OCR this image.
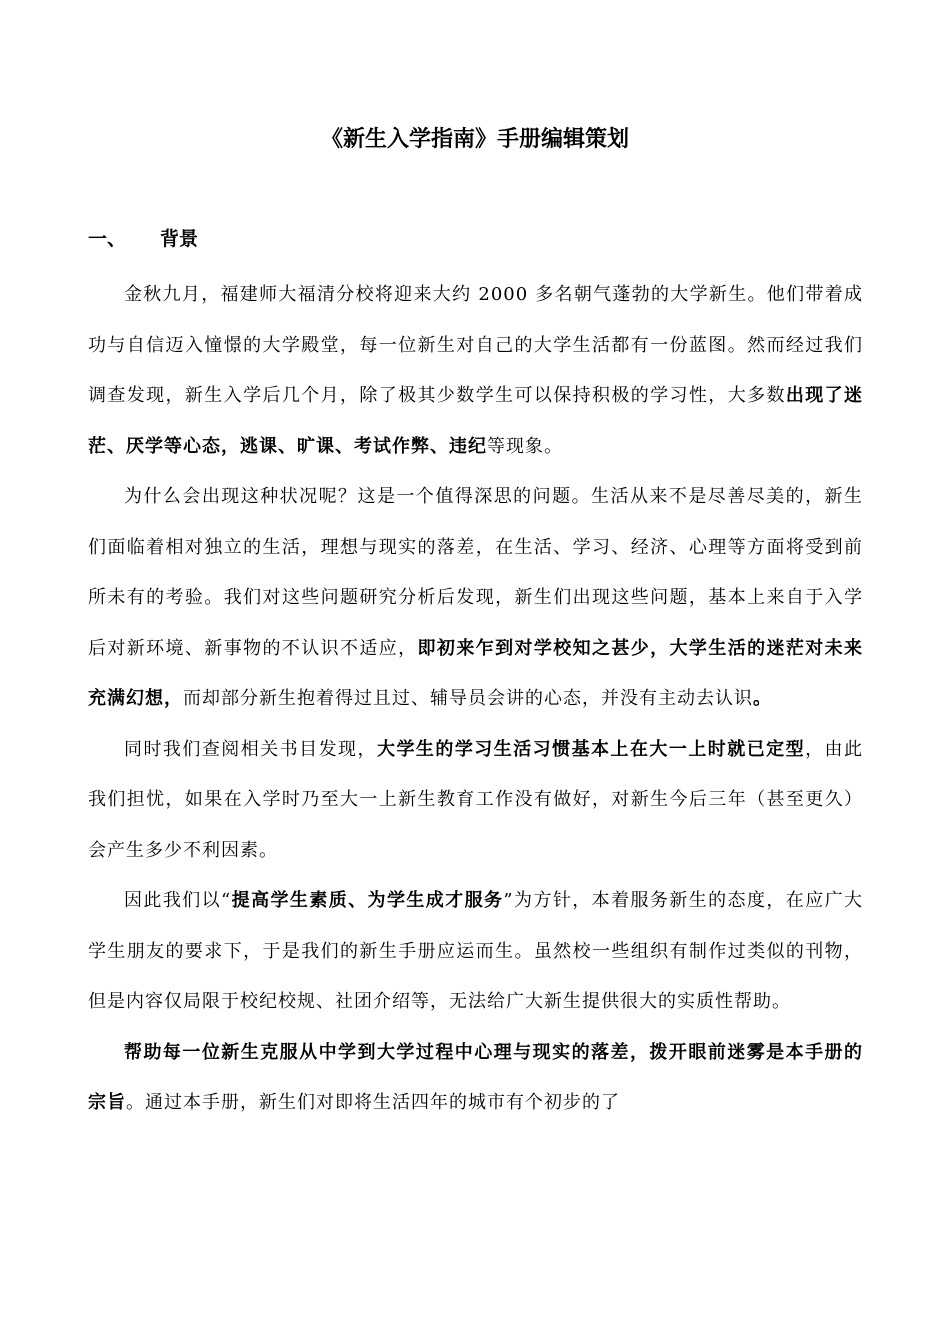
《新生入学指南》手册编辑策划
一、 背景

金秋九月，福建师大福清分校将迎来大约 2000 多名朝气蓬勃的大学新生。他们带着成功与自信迈入憧憬的大学殿堂，每一位新生对自己的大学生活都有一份蓝图。然而经过我们调查发现，新生入学后几个月，除了极其少数学生可以保持积极的学习性，大多数出现了迷茫、厌学等心态，逃课、旷课、考试作弊、违纪等现象。

为什么会出现这种状况呢？这是一个值得深思的问题。生活从来不是尽善尽美的，新生们面临着相对独立的生活，理想与现实的落差，在生活、学习、经济、心理等方面将受到前所未有的考验。我们对这些问题研究分析后发现，新生们出现这些问题，基本上来自于入学后对新环境、新事物的不认识不适应，即初来乍到对学校知之甚少，大学生活的迷茫对未来充满幻想，而却部分新生抱着得过且过、辅导员会讲的心态，并没有主动去认识。

同时我们查阅相关书目发现，大学生的学习生活习惯基本上在大一上时就已定型，由此我们担忧，如果在入学时乃至大一上新生教育工作没有做好，对新生今后三年（甚至更久）会产生多少不利因素。

因此我们以“提高学生素质、为学生成才服务”为方针，本着服务新生的态度，在应广大学生朋友的要求下，于是我们的新生手册应运而生。虽然校一些组织有制作过类似的刊物，但是内容仅局限于校纪校规、社团介绍等，无法给广大新生提供很大的实质性帮助。

帮助每一位新生克服从中学到大学过程中心理与现实的落差，拨开眼前迷雾是本手册的宗旨。通过本手册，新生们对即将生活四年的城市有个初步的了
